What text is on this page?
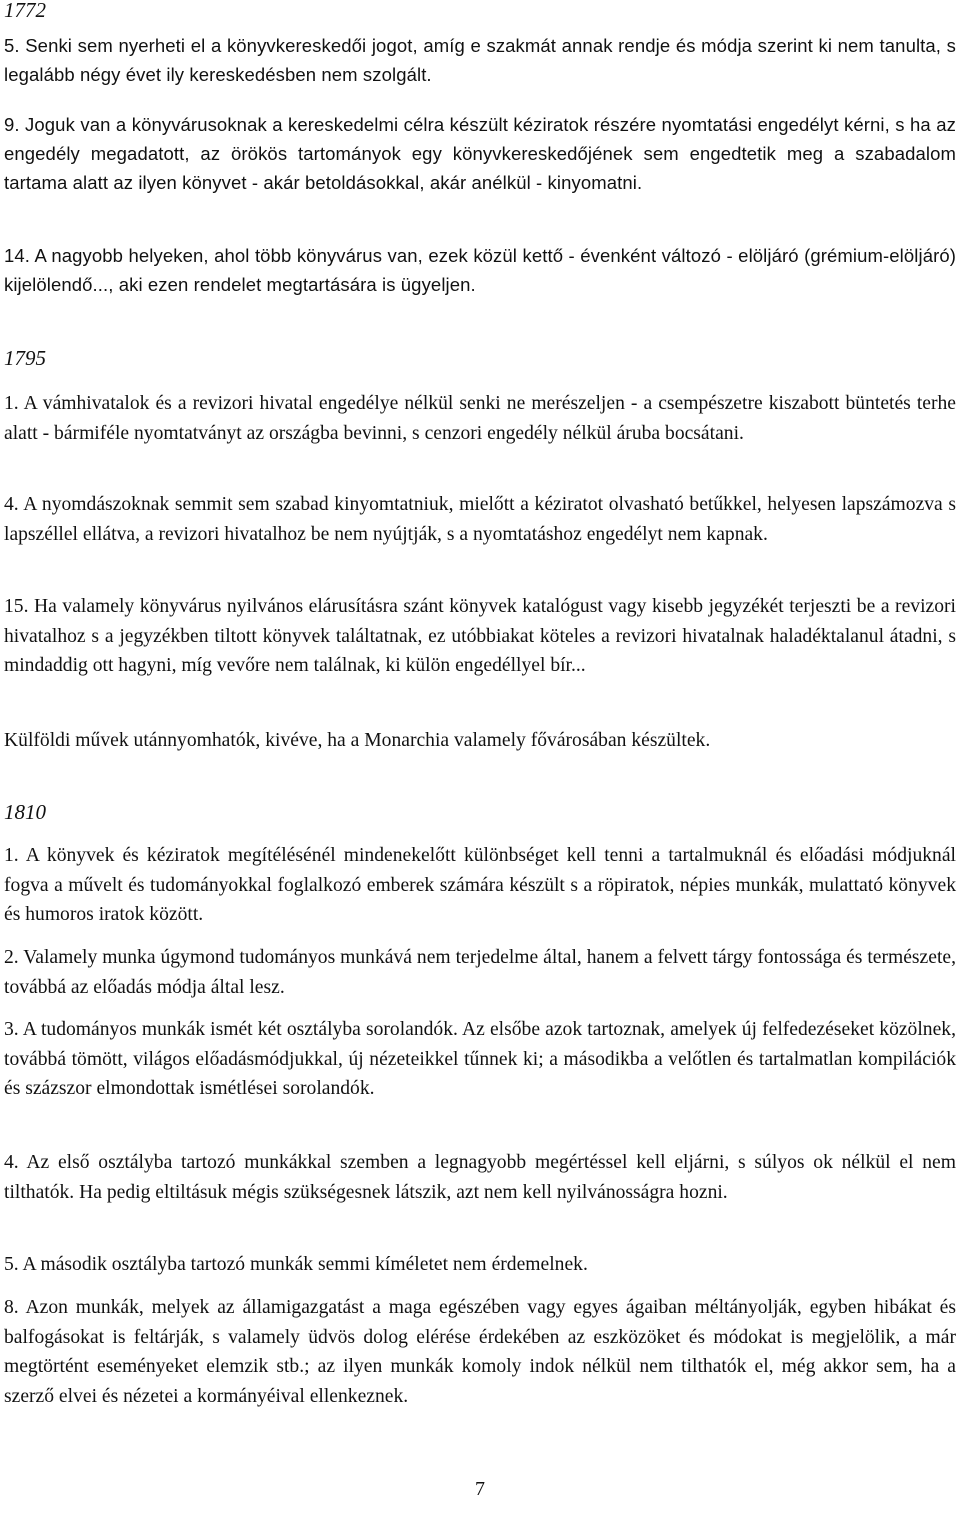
1772

5. Senki sem nyerheti el a könyvkereskedői jogot, amíg e szakmát annak rendje és módja szerint ki nem tanulta, s legalább négy évet ily kereskedésben nem szolgált.

9. Joguk van a könyvárusoknak a kereskedelmi célra készült kéziratok részére nyomtatási engedélyt kérni, s ha az engedély megadatott, az örökös tartományok egy könyvkereskedőjének sem engedtetik meg a szabadalom tartama alatt az ilyen könyvet - akár betoldásokkal, akár anélkül - kinyomatni.

14. A nagyobb helyeken, ahol több könyvárus van, ezek közül kettő - évenként változó - elöljáró (grémium-elöljáró) kijelölendő..., aki ezen rendelet megtartására is ügyeljen.

1795

1. A vámhivatalok és a revizori hivatal engedélye nélkül senki ne merészeljen - a csempészetre kiszabott büntetés terhe alatt - bármiféle nyomtatványt az országba bevinni, s cenzori engedély nélkül áruba bocsátani.

4. A nyomdászoknak semmit sem szabad kinyomtatniuk, mielőtt a kéziratot olvasható betűkkel, helyesen lapszámozva s lapszéllel ellátva, a revizori hivatalhoz be nem nyújtják, s a nyomtatáshoz engedélyt nem kapnak.

15. Ha valamely könyvárus nyilvános elárusításra szánt könyvek katalógust vagy kisebb jegyzékét terjeszti be a revizori hivatalhoz s a jegyzékben tiltott könyvek találtatnak, ez utóbbiakat köteles a revizori hivatalnak haladéktalanul átadni, s mindaddig ott hagyni, míg vevőre nem találnak, ki külön engedéllyel bír...

Külföldi művek utánnyomhatók, kivéve, ha a Monarchia valamely fővárosában készültek.

1810

1. A könyvek és kéziratok megítélésénél mindenekelőtt különbséget kell tenni a tartalmuknál és előadási módjuknál fogva a művelt és tudományokkal foglalkozó emberek számára készült s a röpiratok, népies munkák, mulattató könyvek és humoros iratok között.

2. Valamely munka úgymond tudományos munkává nem terjedelme által, hanem a felvett tárgy fontossága és természete, továbbá az előadás módja által lesz.

3. A tudományos munkák ismét két osztályba sorolandók. Az elsőbe azok tartoznak, amelyek új felfedezéseket közölnek, továbbá tömött, világos előadásmódjukkal, új nézeteikkel tűnnek ki; a másodikba a velőtlen és tartalmatlan kompilációk és százszor elmondottak ismétlései sorolandók.

4. Az első osztályba tartozó munkákkal szemben a legnagyobb megértéssel kell eljárni, s súlyos ok nélkül el nem tilthatók. Ha pedig eltiltásuk mégis szükségesnek látszik, azt nem kell nyilvánosságra hozni.

5. A második osztályba tartozó munkák semmi kíméletet nem érdemelnek.

8. Azon munkák, melyek az államigazgatást a maga egészében vagy egyes ágaiban méltányolják, egyben hibákat és balfogásokat is feltárják, s valamely üdvös dolog elérése érdekében az eszközöket és módokat is megjelölik, a már megtörtént eseményeket elemzik stb.; az ilyen munkák komoly indok nélkül nem tilthatók el, még akkor sem, ha a szerző elvei és nézetei a kormányéival ellenkeznek.

7
